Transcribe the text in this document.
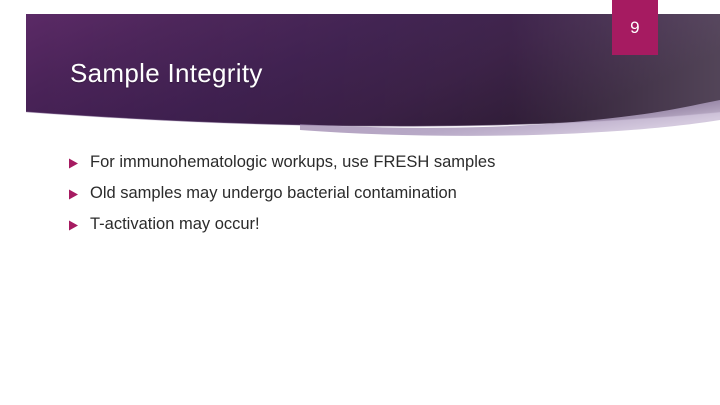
9
Sample Integrity
For immunohematologic workups, use FRESH samples
Old samples may undergo bacterial contamination
T-activation may occur!
